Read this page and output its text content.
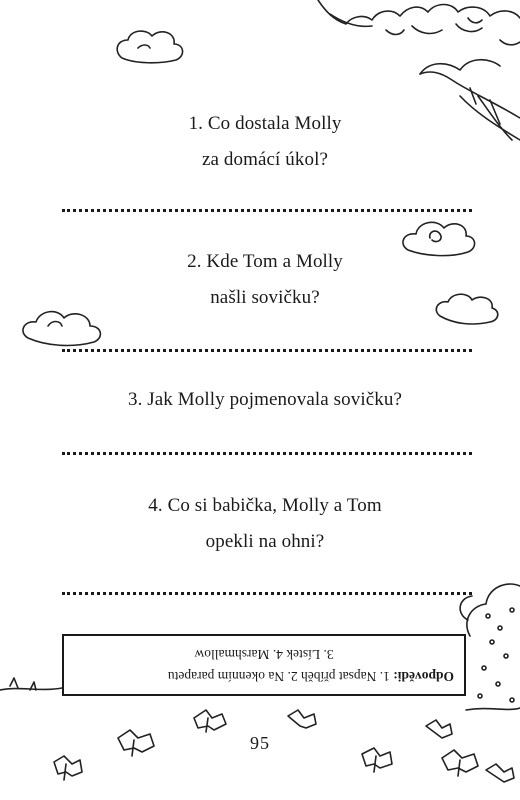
1. Co dostala Molly
za domácí úkol?
2. Kde Tom a Molly
našli sovičku?
3. Jak Molly pojmenovala sovičku?
4. Co si babička, Molly a Tom
opekli na ohni?
Odpovědi: 1. Napsat příběh 2. Na okenním parapetu
3. Lístek 4. Marshmallow
95
